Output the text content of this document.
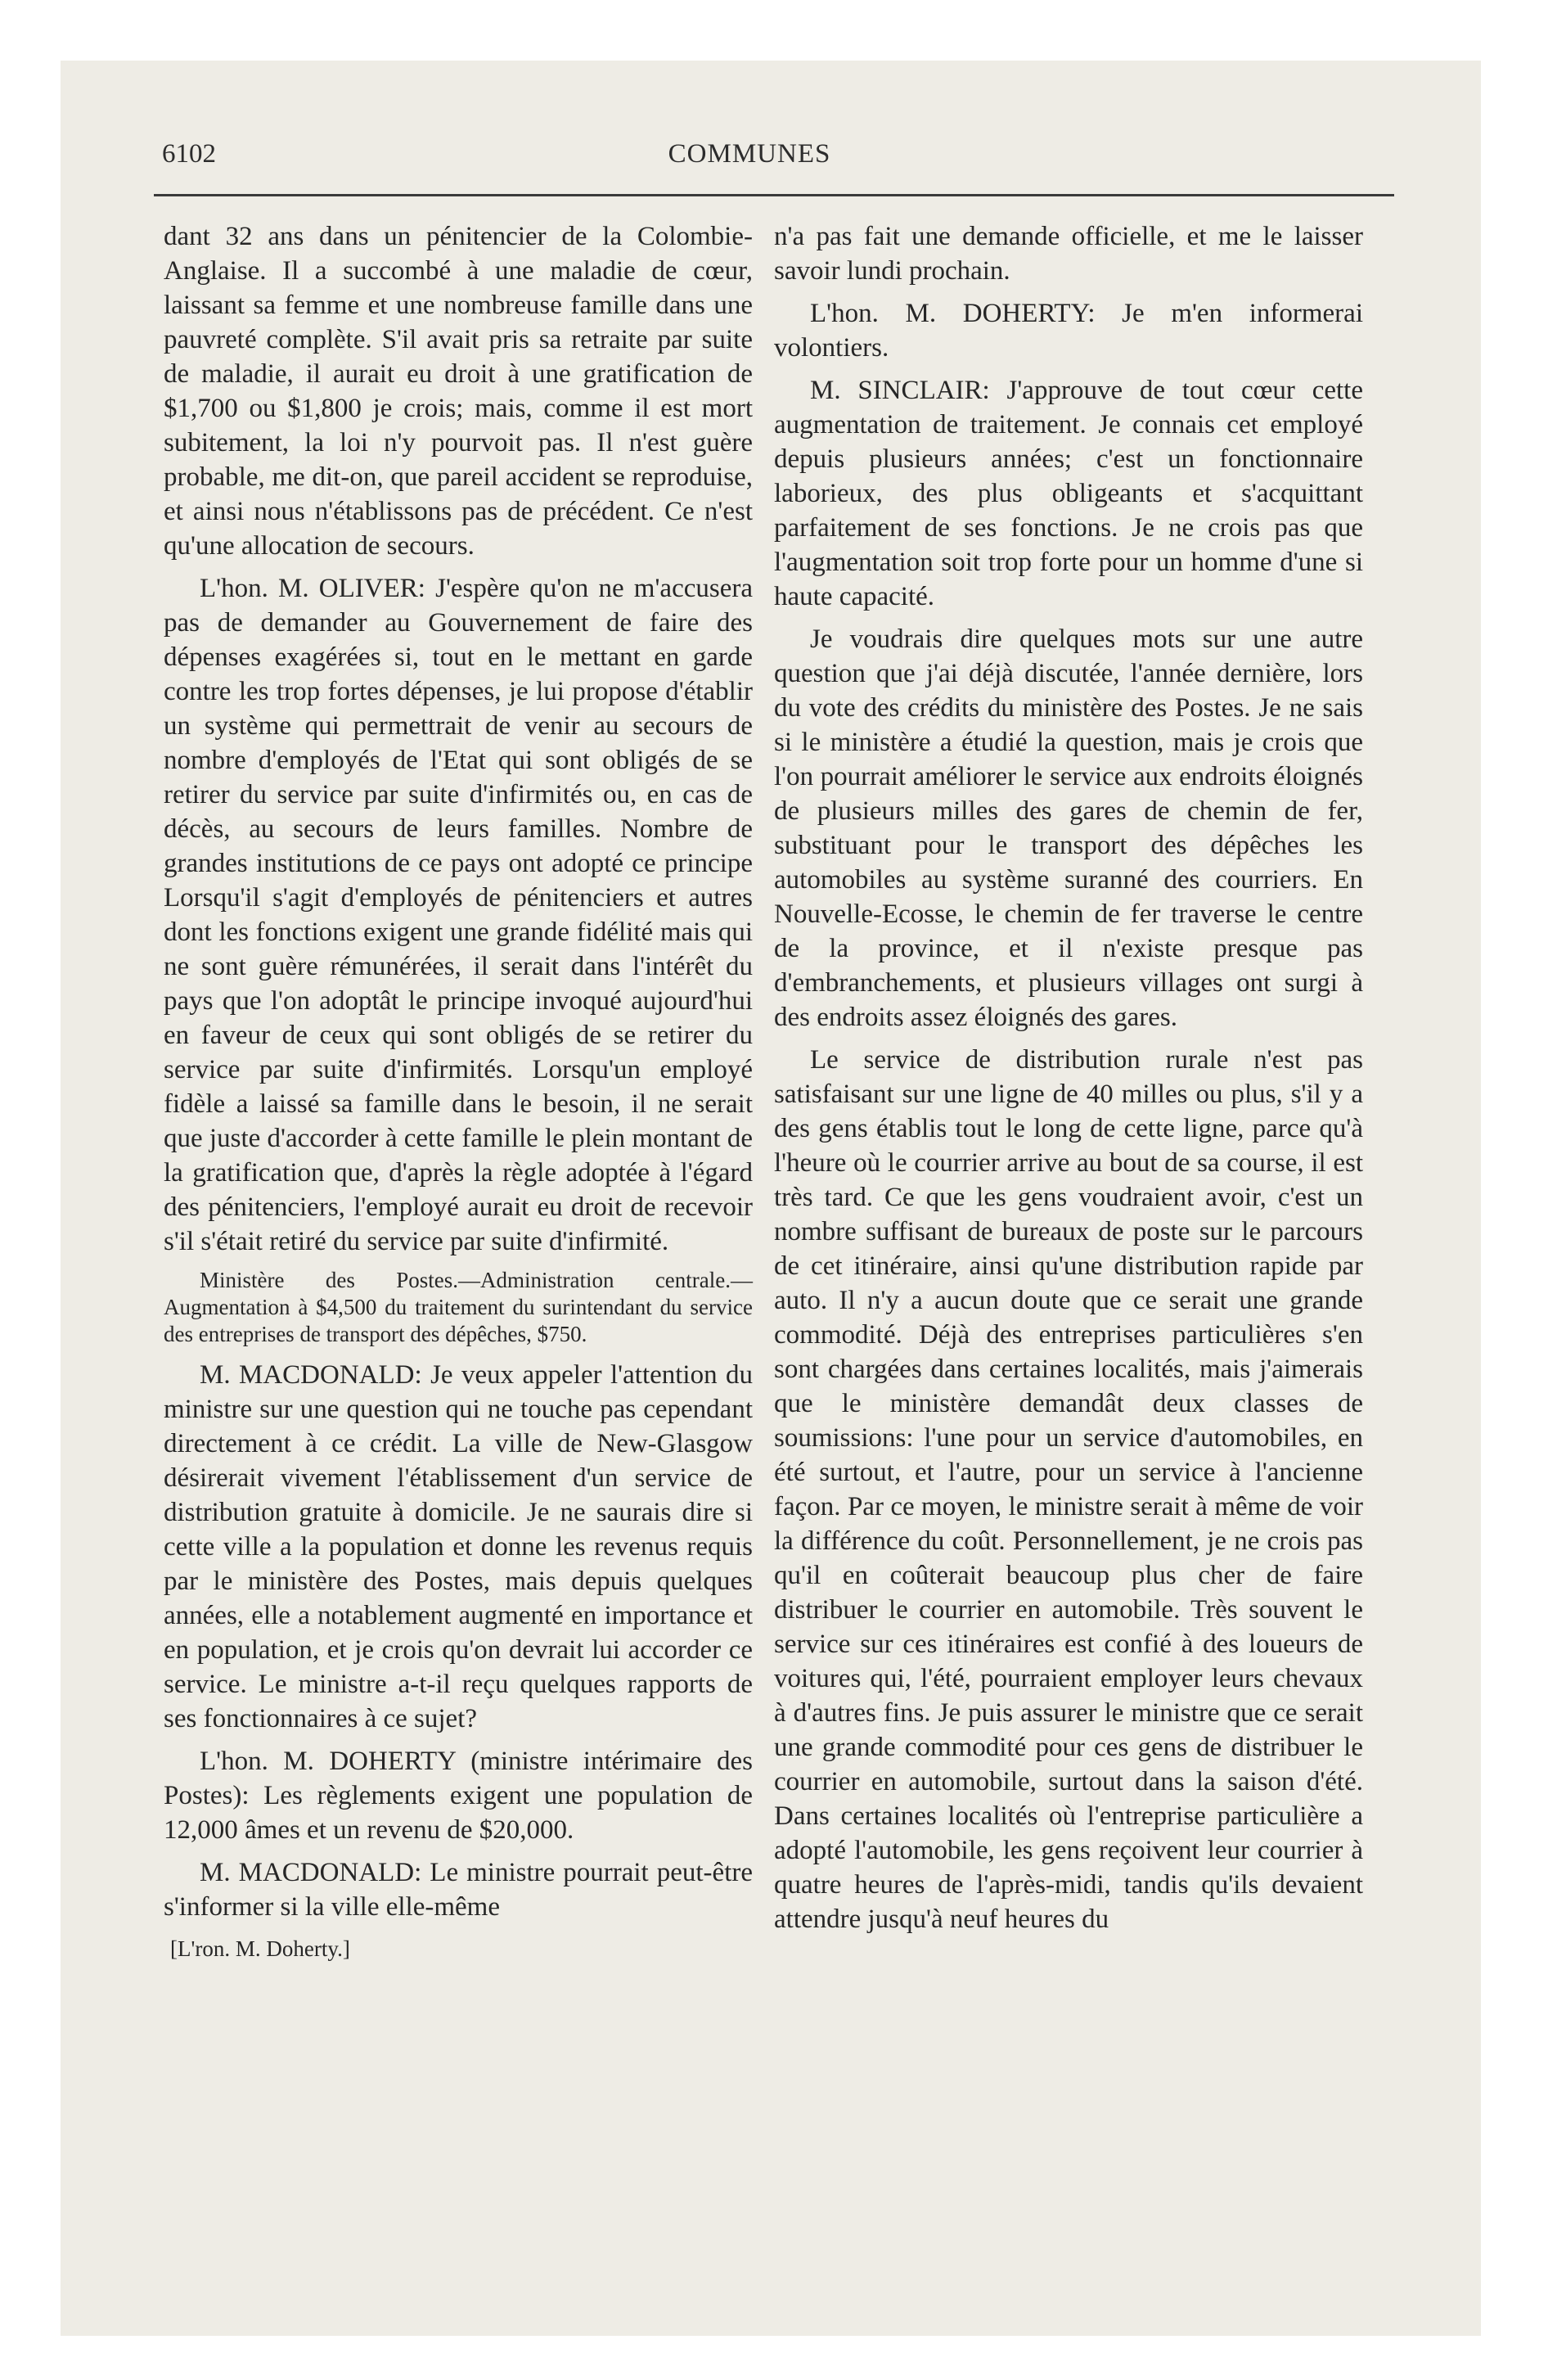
6102	COMMUNES

dant 32 ans dans un pénitencier de la Colombie-Anglaise. Il a succombé à une maladie de cœur, laissant sa femme et une nombreuse famille dans une pauvreté complète. S'il avait pris sa retraite par suite de maladie, il aurait eu droit à une gratification de $1,700 ou $1,800 je crois; mais, comme il est mort subitement, la loi n'y pourvoit pas. Il n'est guère probable, me dit-on, que pareil accident se reproduise, et ainsi nous n'établissons pas de précédent. Ce n'est qu'une allocation de secours.

L'hon. M. OLIVER: J'espère qu'on ne m'accusera pas de demander au Gouvernement de faire des dépenses exagérées si, tout en le mettant en garde contre les trop fortes dépenses, je lui propose d'établir un système qui permettrait de venir au secours de nombre d'employés de l'Etat qui sont obligés de se retirer du service par suite d'infirmités ou, en cas de décès, au secours de leurs familles. Nombre de grandes institutions de ce pays ont adopté ce principe Lorsqu'il s'agit d'employés de pénitenciers et autres dont les fonctions exigent une grande fidélité mais qui ne sont guère rémunérées, il serait dans l'intérêt du pays que l'on adoptât le principe invoqué aujourd'hui en faveur de ceux qui sont obligés de se retirer du service par suite d'infirmités. Lorsqu'un employé fidèle a laissé sa famille dans le besoin, il ne serait que juste d'accorder à cette famille le plein montant de la gratification que, d'après la règle adoptée à l'égard des pénitenciers, l'employé aurait eu droit de recevoir s'il s'était retiré du service par suite d'infirmité.

Ministère des Postes.—Administration centrale.—Augmentation à $4,500 du traitement du surintendant du service des entreprises de transport des dépêches, $750.

M. MACDONALD: Je veux appeler l'attention du ministre sur une question qui ne touche pas cependant directement à ce crédit. La ville de New-Glasgow désirerait vivement l'établissement d'un service de distribution gratuite à domicile. Je ne saurais dire si cette ville a la population et donne les revenus requis par le ministère des Postes, mais depuis quelques années, elle a notablement augmenté en importance et en population, et je crois qu'on devrait lui accorder ce service. Le ministre a-t-il reçu quelques rapports de ses fonctionnaires à ce sujet?

L'hon. M. DOHERTY (ministre intérimaire des Postes): Les règlements exigent une population de 12,000 âmes et un revenu de $20,000.

M. MACDONALD: Le ministre pourrait peut-être s'informer si la ville elle-même

[L'ron. M. Doherty.]

n'a pas fait une demande officielle, et me le laisser savoir lundi prochain.

L'hon. M. DOHERTY: Je m'en informerai volontiers.

M. SINCLAIR: J'approuve de tout cœur cette augmentation de traitement. Je connais cet employé depuis plusieurs années; c'est un fonctionnaire laborieux, des plus obligeants et s'acquittant parfaitement de ses fonctions. Je ne crois pas que l'augmentation soit trop forte pour un homme d'une si haute capacité.

Je voudrais dire quelques mots sur une autre question que j'ai déjà discutée, l'année dernière, lors du vote des crédits du ministère des Postes. Je ne sais si le ministère a étudié la question, mais je crois que l'on pourrait améliorer le service aux endroits éloignés de plusieurs milles des gares de chemin de fer, substituant pour le transport des dépêches les automobiles au système suranné des courriers. En Nouvelle-Ecosse, le chemin de fer traverse le centre de la province, et il n'existe presque pas d'embranchements, et plusieurs villages ont surgi à des endroits assez éloignés des gares.

Le service de distribution rurale n'est pas satisfaisant sur une ligne de 40 milles ou plus, s'il y a des gens établis tout le long de cette ligne, parce qu'à l'heure où le courrier arrive au bout de sa course, il est très tard. Ce que les gens voudraient avoir, c'est un nombre suffisant de bureaux de poste sur le parcours de cet itinéraire, ainsi qu'une distribution rapide par auto. Il n'y a aucun doute que ce serait une grande commodité. Déjà des entreprises particulières s'en sont chargées dans certaines localités, mais j'aimerais que le ministère demandât deux classes de soumissions: l'une pour un service d'automobiles, en été surtout, et l'autre, pour un service à l'ancienne façon. Par ce moyen, le ministre serait à même de voir la différence du coût. Personnellement, je ne crois pas qu'il en coûterait beaucoup plus cher de faire distribuer le courrier en automobile. Très souvent le service sur ces itinéraires est confié à des loueurs de voitures qui, l'été, pourraient employer leurs chevaux à d'autres fins. Je puis assurer le ministre que ce serait une grande commodité pour ces gens de distribuer le courrier en automobile, surtout dans la saison d'été. Dans certaines localités où l'entreprise particulière a adopté l'automobile, les gens reçoivent leur courrier à quatre heures de l'après-midi, tandis qu'ils devaient attendre jusqu'à neuf heures du
